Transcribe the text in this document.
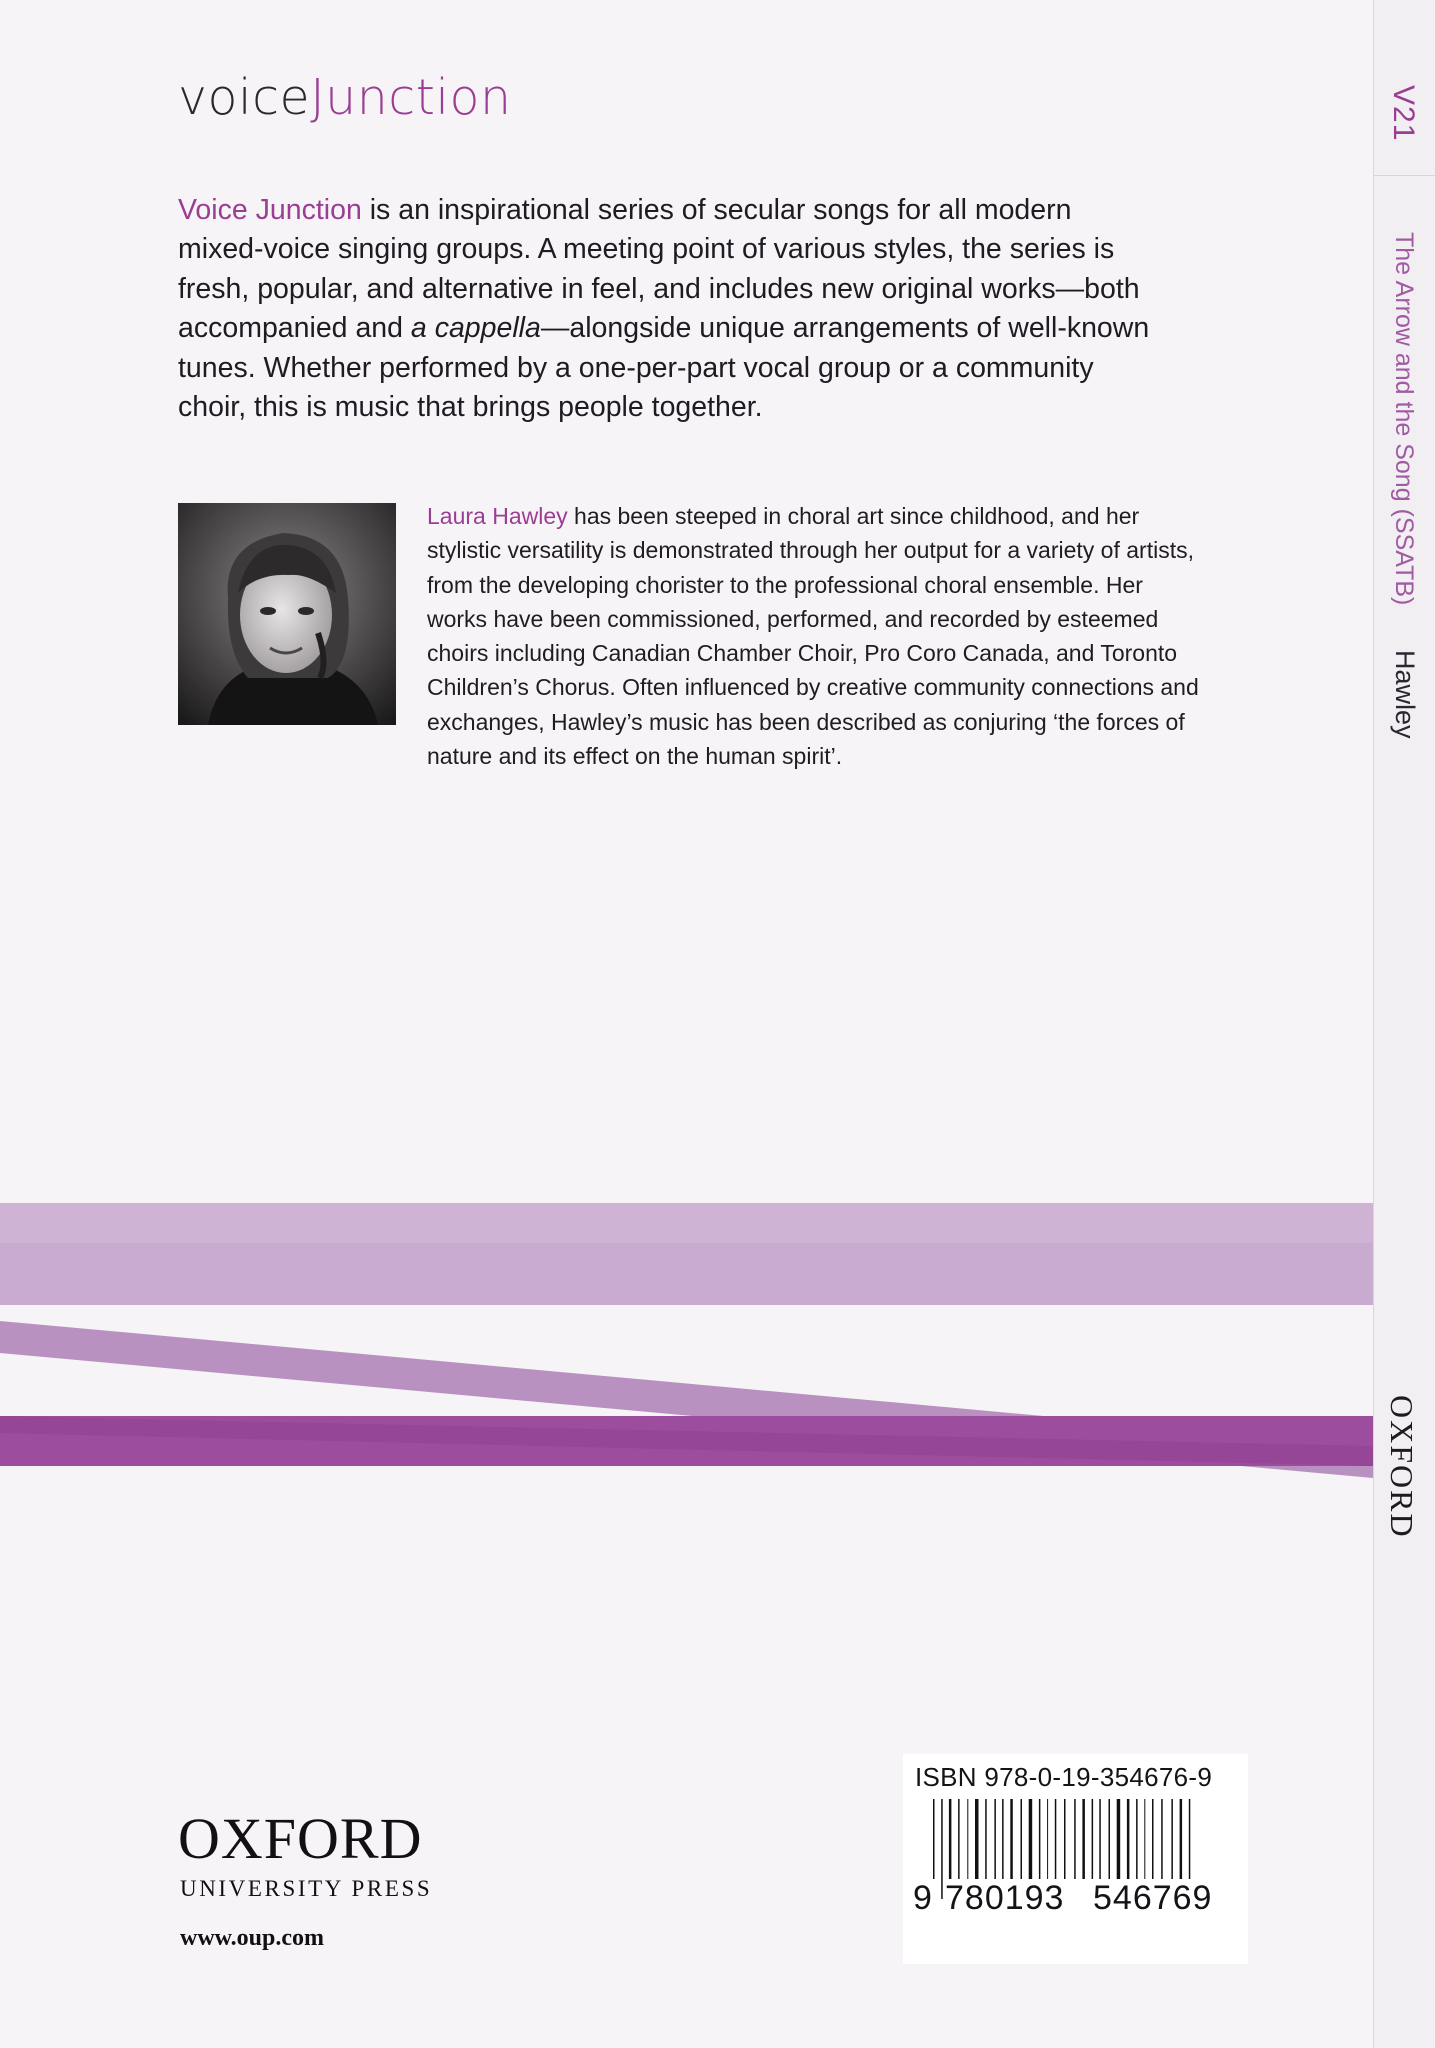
V21
The Arrow and the Song (SSATB)
Hawley
OXFORD
voiceJunction

Voice Junction is an inspirational series of secular songs for all modern mixed-voice singing groups. A meeting point of various styles, the series is fresh, popular, and alternative in feel, and includes new original works—both accompanied and a cappella—alongside unique arrangements of well-known tunes. Whether performed by a one-per-part vocal group or a community choir, this is music that brings people together.

Laura Hawley has been steeped in choral art since childhood, and her stylistic versatility is demonstrated through her output for a variety of artists, from the developing chorister to the professional choral ensemble. Her works have been commissioned, performed, and recorded by esteemed choirs including Canadian Chamber Choir, Pro Coro Canada, and Toronto Children’s Chorus. Often influenced by creative community connections and exchanges, Hawley’s music has been described as conjuring ‘the forces of nature and its effect on the human spirit’.

OXFORD
UNIVERSITY PRESS
www.oup.com
ISBN 978-0-19-354676-9
9 780193 546769
